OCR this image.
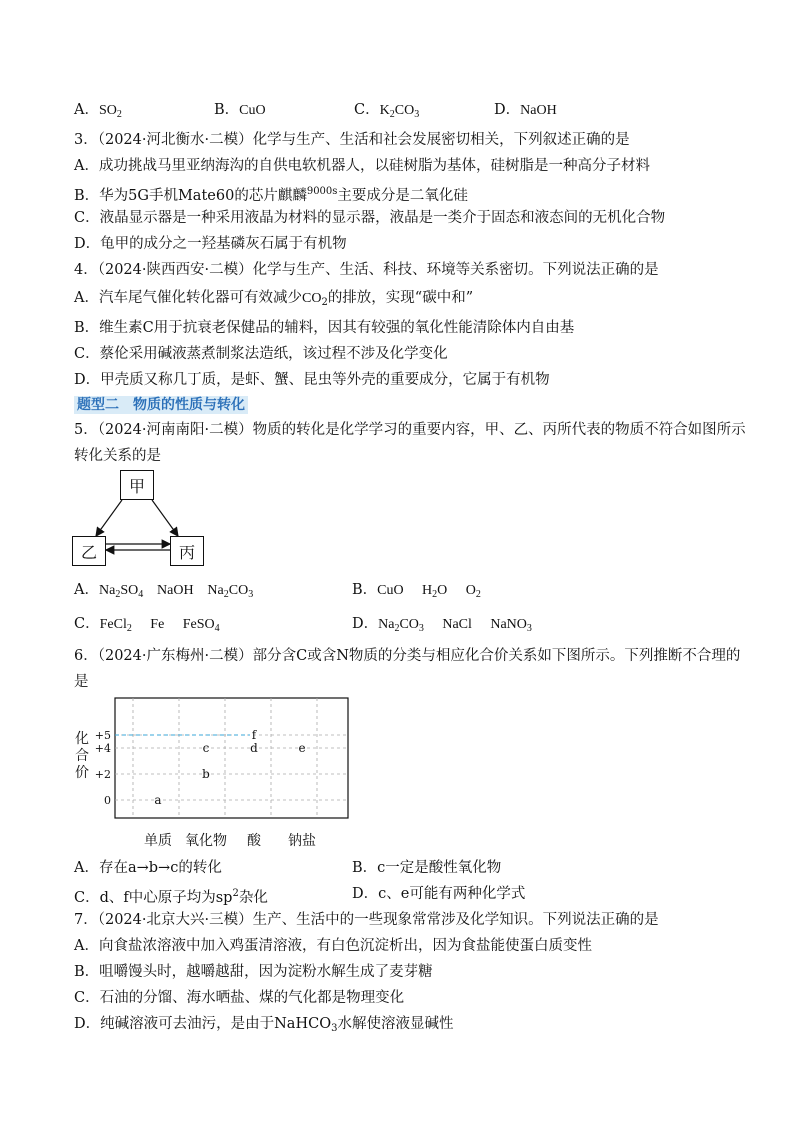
A．$SO_2$	B．CuO	C．$K_2CO_3$	D．NaOH
3．（2024·河北衡水·二模）化学与生产、生活和社会发展密切相关，下列叙述正确的是
A．成功挑战马里亚纳海沟的自供电软机器人，以硅树脂为基体，硅树脂是一种高分子材料
B．华为5G手机Mate60的芯片麒麟$^{9000s}$主要成分是二氧化硅
C．液晶显示器是一种采用液晶为材料的显示器，液晶是一类介于固态和液态间的无机化合物
D．龟甲的成分之一羟基磷灰石属于有机物
4．（2024·陕西西安·二模）化学与生产、生活、科技、环境等关系密切。下列说法正确的是
A．汽车尾气催化转化器可有效减少$CO_2$的排放，实现“碳中和”
B．维生素C用于抗衰老保健品的辅料，因其有较强的氧化性能清除体内自由基
C．蔡伦采用碱液蒸煮制浆法造纸，该过程不涉及化学变化
D．甲壳质又称几丁质，是虾、蟹、昆虫等外壳的重要成分，它属于有机物
题型二　物质的性质与转化
5．（2024·河南南阳·二模）物质的转化是化学学习的重要内容，甲、乙、丙所代表的物质不符合如图所示
转化关系的是
甲
乙	丙
A．$Na_2SO_4$ NaOH $Na_2CO_3$	B．CuO $H_2O$ $O_2$
C．FeCl$_2$ Fe FeSO$_4$	D．$Na_2CO_3$ NaCl NaNO$_3$
6．（2024·广东梅州·二模）部分含C或含N物质的分类与相应化合价关系如下图所示。下列推断不合理的
是
0
+2
+4
+5
化
合
价
a
b
c	d	e
f
单质 氧化物 酸 钠盐
A．存在a→b→c的转化	B．c一定是酸性氧化物
C．d、f中心原子均为$sp^2$杂化	D．c、e可能有两种化学式
7．（2024·北京大兴·三模）生产、生活中的一些现象常常涉及化学知识。下列说法正确的是
A．向食盐浓溶液中加入鸡蛋清溶液，有白色沉淀析出，因为食盐能使蛋白质变性
B．咀嚼馒头时，越嚼越甜，因为淀粉水解生成了麦芽糖
C．石油的分馏、海水晒盐、煤的气化都是物理变化
D．纯碱溶液可去油污，是由于NaHCO$_3$水解使溶液显碱性
